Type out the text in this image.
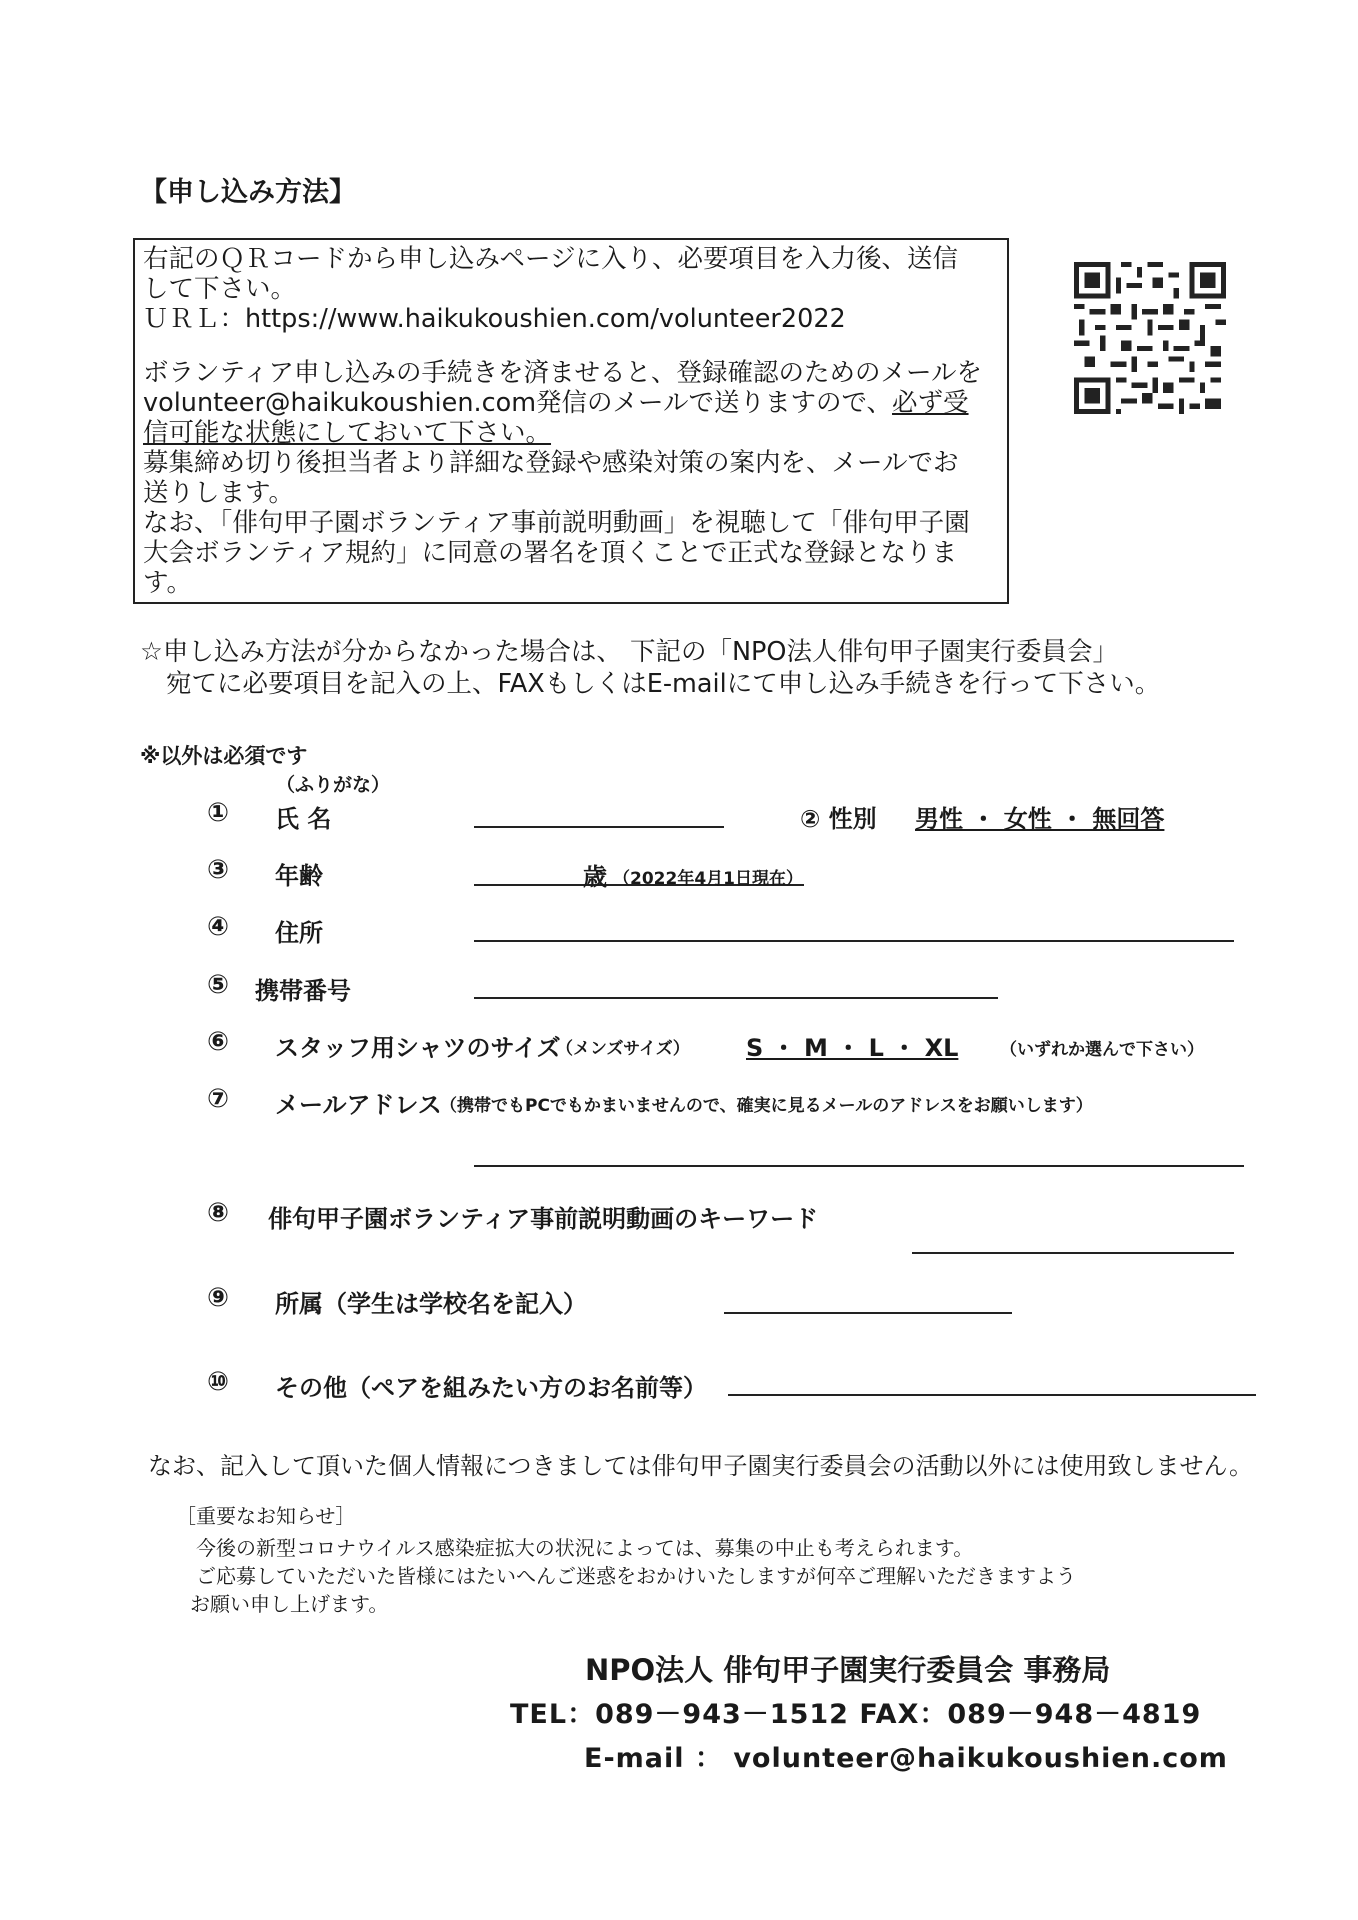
【申し込み方法】
右記のＱＲコードから申し込みページに入り、必要項目を入力後、送信
して下さい。
ＵＲＬ：https://www.haikukoushien.com/volunteer2022
ボランティア申し込みの手続きを済ませると、登録確認のためのメールを
volunteer@haikukoushien.com発信のメールで送りますので、必ず受
信可能な状態にしておいて下さい。
募集締め切り後担当者より詳細な登録や感染対策の案内を、メールでお
送りします。
なお、「俳句甲子園ボランティア事前説明動画」を視聴して「俳句甲子園
大会ボランティア規約」に同意の署名を頂くことで正式な登録となりま
す。
☆申し込み方法が分からなかった場合は、 下記の「NPO法人俳句甲子園実行委員会」
宛てに必要項目を記入の上、FAXもしくはE-mailにて申し込み手続きを行って下さい。
※以外は必須です
（ふりがな）
① 氏 名	② 性別 男性 ・ 女性 ・ 無回答
③ 年齢	歳 （2022年4月1日現在）
④ 住所
⑤ 携帯番号
⑥ スタッフ用シャツのサイズ
（メンズサイズ） S ・ M ・ L ・ XL （いずれか選んで下さい）
⑦ メールアドレス
（携帯でもPCでもかまいませんので、確実に見るメールのアドレスをお願いします）
⑧ 俳句甲子園ボランティア事前説明動画のキーワード
⑨ 所属（学生は学校名を記入）
⑩ その他（ペアを組みたい方のお名前等）
なお、記入して頂いた個人情報につきましては俳句甲子園実行委員会の活動以外には使用致しません。
［重要なお知らせ］
今後の新型コロナウイルス感染症拡大の状況によっては、募集の中止も考えられます。
ご応募していただいた皆様にはたいへんご迷惑をおかけいたしますが何卒ご理解いただきますよう
お願い申し上げます。
NPO法人 俳句甲子園実行委員会 事務局
TEL：089－943－1512 FAX：089－948－4819
E-mail ： volunteer@haikukoushien.com
